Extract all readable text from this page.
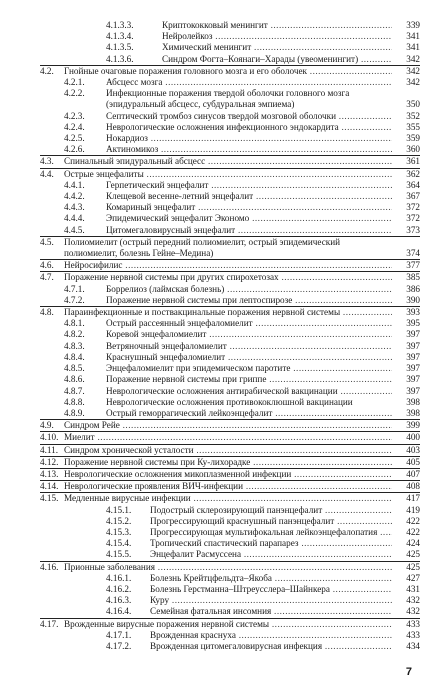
4.1.3.3.	Криптококковый менингит .....	339
4.1.3.4.	Нейролейкоз .....	341
4.1.3.5.	Химический менингит .....	341
4.1.3.6.	Синдром Фогта–Коянаги–Харады (увеоменингит) .....	342
4.2. Гнойные очаговые поражения головного мозга и его оболочек .....	342
4.2.1. Абсцесс мозга .....	342
4.2.2. Инфекционные поражения твердой оболочки головного мозга (эпидуральный абсцесс, субдуральная эмпиема)	350
4.2.3. Септический тромбоз синусов твердой мозговой оболочки .....	352
4.2.4. Неврологические осложнения инфекционного эндокардита .....	355
4.2.5. Нокардиоз .....	359
4.2.6. Актиномикоз .....	360
4.3. Спинальный эпидуральный абсцесс .....	361
4.4. Острые энцефалиты .....	362
4.4.1. Герпетический энцефалит .....	364
4.4.2. Клещевой весенне-летний энцефалит .....	367
4.4.3. Комариный энцефалит .....	372
4.4.4. Эпидемический энцефалит Экономо .....	372
4.4.5. Цитомегаловирусный энцефалит .....	373
4.5. Полиомиелит (острый передний полиомиелит, острый эпидемический полиомиелит, болезнь Гейне–Медина)	374
4.6. Нейросифилис .....	377
4.7. Поражение нервной системы при других спирохетозах .....	385
4.7.1. Боррелиоз (лаймская болезнь) .....	386
4.7.2. Поражение нервной системы при лептоспирозе .....	390
4.8. Параинфекционные и поствакцинальные поражения нервной системы .....	393
4.8.1. Острый рассеянный энцефаломиелит .....	395
4.8.2. Коревой энцефаломиелит .....	397
4.8.3. Ветряночный энцефаломиелит .....	397
4.8.4. Краснушный энцефаломиелит .....	397
4.8.5. Энцефаломиелит при эпидемическом паротите .....	397
4.8.6. Поражение нервной системы при гриппе .....	397
4.8.7. Неврологические осложнения антирабической вакцинации .....	397
4.8.8. Неврологические осложнения противококлюшной вакцинации	398
4.8.9. Острый геморрагический лейкоэнцефалит .....	398
4.9. Синдром Рейе .....	399
4.10. Миелит .....	400
4.11. Синдром хронической усталости .....	403
4.12. Поражение нервной системы при Ку-лихорадке .....	405
4.13. Неврологические осложнения микоплазменной инфекции .....	407
4.14. Неврологические проявления ВИЧ-инфекции .....	408
4.15. Медленные вирусные инфекции .....	417
4.15.1. Подострый склерозирующий панэнцефалит .....	419
4.15.2. Прогрессирующий краснушный панэнцефалит .....	422
4.15.3. Прогрессирующая мультифокальная лейкоэнцефалопатия .....	422
4.15.4. Тропический спастический парапарез .....	424
4.15.5. Энцефалит Расмуссена .....	425
4.16. Прионные заболевания .....	425
4.16.1. Болезнь Крейтцфельдта–Якоба .....	427
4.16.2. Болезнь Герстманна–Штреусслера–Шайнкера .....	431
4.16.3. Куру .....	432
4.16.4. Семейная фатальная инсомния .....	432
4.17. Врожденные вирусные поражения нервной системы .....	433
4.17.1. Врожденная краснуха .....	433
4.17.2. Врожденная цитомегаловирусная инфекция .....	434
7
